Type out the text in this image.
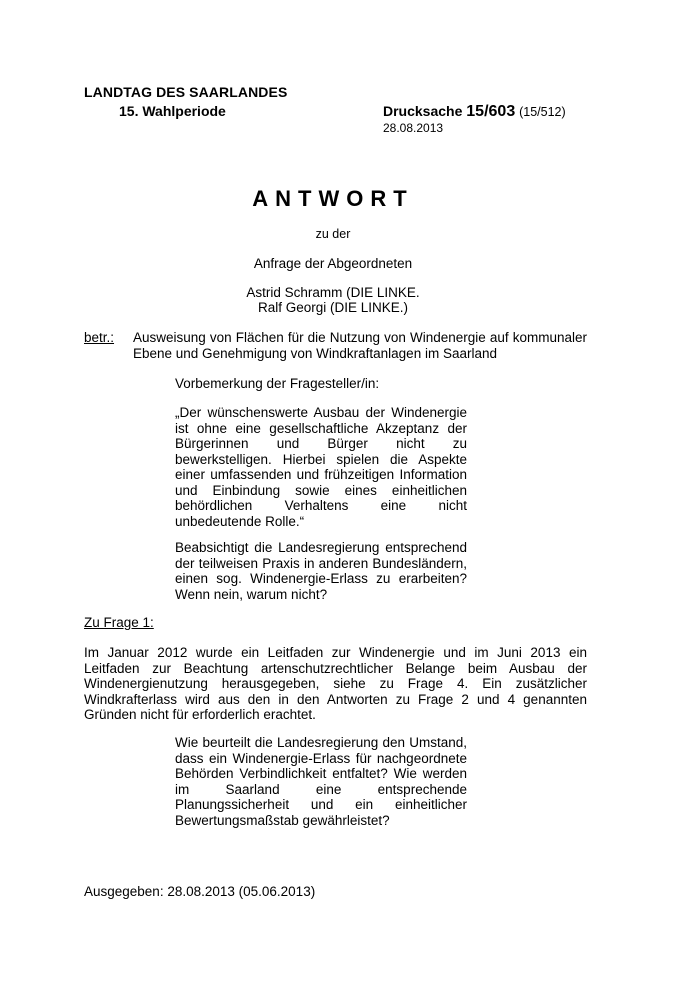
LANDTAG DES SAARLANDES
15. Wahlperiode	Drucksache 15/603 (15/512)
28.08.2013
ANTWORT
zu der
Anfrage der Abgeordneten
Astrid Schramm (DIE LINKE.
Ralf Georgi (DIE LINKE.)
betr.: Ausweisung von Flächen für die Nutzung von Windenergie auf kommunaler Ebene und Genehmigung von Windkraftanlagen im Saarland
Vorbemerkung der Fragesteller/in:
„Der wünschenswerte Ausbau der Windenergie ist ohne eine gesellschaftliche Akzeptanz der Bürgerinnen und Bürger nicht zu bewerkstelligen. Hierbei spielen die Aspekte einer umfassenden und frühzeitigen Information und Einbindung sowie eines einheitlichen behördlichen Verhaltens eine nicht unbedeutende Rolle.“
Beabsichtigt die Landesregierung entsprechend der teilweisen Praxis in anderen Bundesländern, einen sog. Windenergie-Erlass zu erarbeiten? Wenn nein, warum nicht?
Zu Frage 1:
Im Januar 2012 wurde ein Leitfaden zur Windenergie und im Juni 2013 ein Leitfaden zur Beachtung artenschutzrechtlicher Belange beim Ausbau der Windenergienutzung herausgegeben, siehe zu Frage 4. Ein zusätzlicher Windkrafterlass wird aus den in den Antworten zu Frage 2 und 4 genannten Gründen nicht für erforderlich erachtet.
Wie beurteilt die Landesregierung den Umstand, dass ein Windenergie-Erlass für nachgeordnete Behörden Verbindlichkeit entfaltet? Wie werden im Saarland eine entsprechende Planungssicherheit und ein einheitlicher Bewertungsmaßstab gewährleistet?
Ausgegeben: 28.08.2013 (05.06.2013)
